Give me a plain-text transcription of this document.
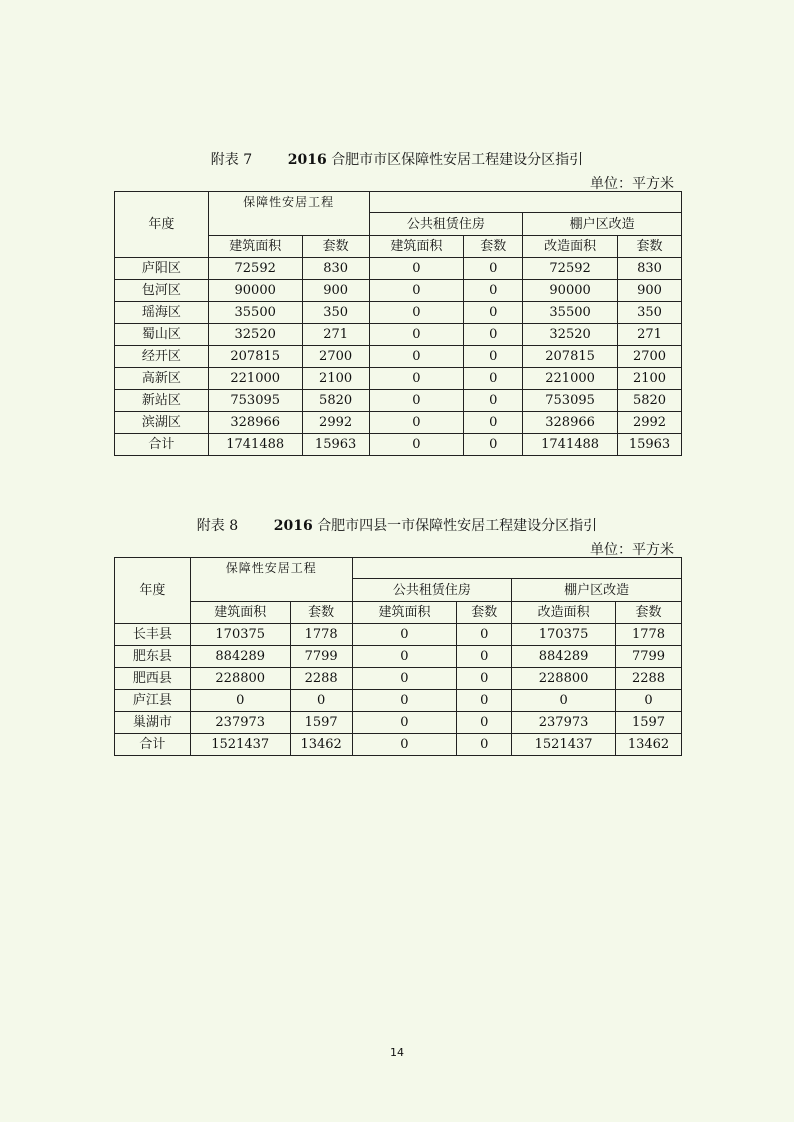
附表 7	2016 合肥市市区保障性安居工程建设分区指引
单位：平方米
年度	保障性安居工程					
			公共租赁住房		棚户区改造	
	建筑面积	套数	建筑面积	套数	改造面积	套数
庐阳区	72592	830	0	0	72592	830
包河区	90000	900	0	0	90000	900
瑶海区	35500	350	0	0	35500	350
蜀山区	32520	271	0	0	32520	271
经开区	207815	2700	0	0	207815	2700
高新区	221000	2100	0	0	221000	2100
新站区	753095	5820	0	0	753095	5820
滨湖区	328966	2992	0	0	328966	2992
合计	1741488	15963	0	0	1741488	15963
附表 8	2016 合肥市四县一市保障性安居工程建设分区指引
单位：平方米
年度	保障性安居工程					
			公共租赁住房		棚户区改造	
	建筑面积	套数	建筑面积	套数	改造面积	套数
长丰县	170375	1778	0	0	170375	1778
肥东县	884289	7799	0	0	884289	7799
肥西县	228800	2288	0	0	228800	2288
庐江县	0	0	0	0	0	0
巢湖市	237973	1597	0	0	237973	1597
合计	1521437	13462	0	0	1521437	13462
14
